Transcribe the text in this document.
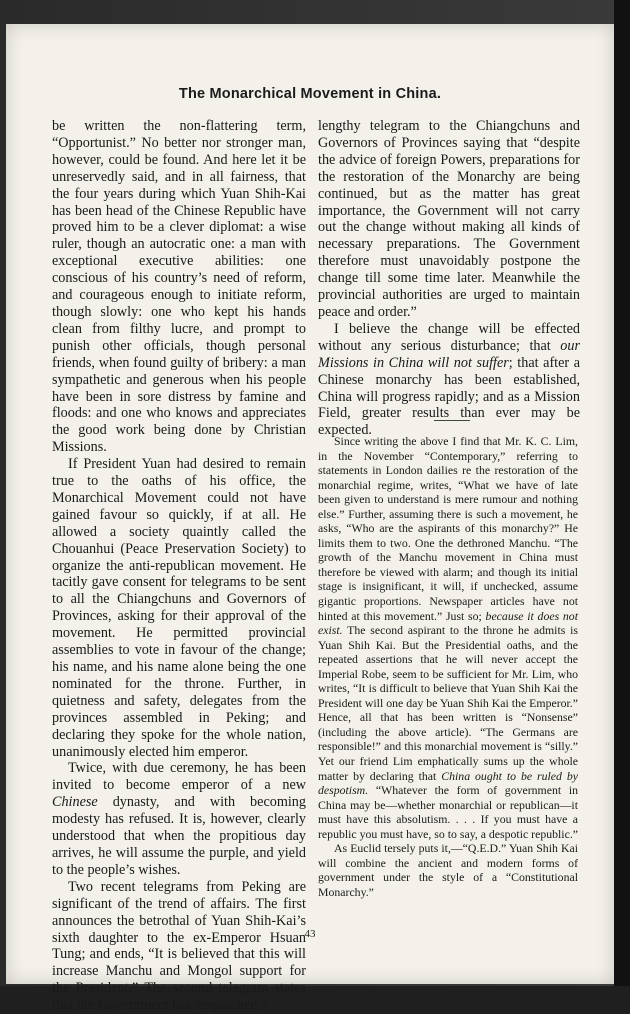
The Monarchical Movement in China.

be written the non-flattering term, “Opportunist.” No better nor stronger man, however, could be found. And here let it be unreservedly said, and in all fairness, that the four years during which Yuan Shih-Kai has been head of the Chinese Republic have proved him to be a clever diplomat: a wise ruler, though an autocratic one: a man with exceptional executive abilities: one conscious of his country’s need of reform, and courageous enough to initiate reform, though slowly: one who kept his hands clean from filthy lucre, and prompt to punish other officials, though personal friends, when found guilty of bribery: a man sympathetic and generous when his people have been in sore distress by famine and floods: and one who knows and appreciates the good work being done by Christian Missions.

If President Yuan had desired to remain true to the oaths of his office, the Monarchical Movement could not have gained favour so quickly, if at all. He allowed a society quaintly called the Chouanhui (Peace Preservation Society) to organize the anti-republican movement. He tacitly gave consent for telegrams to be sent to all the Chiangchuns and Governors of Provinces, asking for their approval of the movement. He permitted provincial assemblies to vote in favour of the change; his name, and his name alone being the one nominated for the throne. Further, in quietness and safety, delegates from the provinces assembled in Peking; and declaring they spoke for the whole nation, unanimously elected him emperor.

Twice, with due ceremony, he has been invited to become emperor of a new Chinese dynasty, and with becoming modesty has refused. It is, however, clearly understood that when the propitious day arrives, he will assume the purple, and yield to the people’s wishes.

Two recent telegrams from Peking are significant of the trend of affairs. The first announces the betrothal of Yuan Shih-Kai’s sixth daughter to the ex-Emperor Hsuan Tung; and ends, “It is believed that this will increase Manchu and Mongol support for the President.” The second telegram states that the Government has despatched a

lengthy telegram to the Chiangchuns and Governors of Provinces saying that “despite the advice of foreign Powers, preparations for the restoration of the Monarchy are being continued, but as the matter has great importance, the Government will not carry out the change without making all kinds of necessary preparations. The Government therefore must unavoidably postpone the change till some time later. Meanwhile the provincial authorities are urged to maintain peace and order.”

I believe the change will be effected without any serious disturbance; that our Missions in China will not suffer; that after a Chinese monarchy has been established, China will progress rapidly; and as a Mission Field, greater results than ever may be expected.

Since writing the above I find that Mr. K. C. Lim, in the November “Contemporary,” referring to statements in London dailies re the restoration of the monarchial regime, writes, “What we have of late been given to understand is mere rumour and nothing else.” Further, assuming there is such a movement, he asks, “Who are the aspirants of this monarchy?” He limits them to two. One the dethroned Manchu. “The growth of the Manchu movement in China must therefore be viewed with alarm; and though its initial stage is insignificant, it will, if unchecked, assume gigantic proportions. Newspaper articles have not hinted at this movement.” Just so; because it does not exist. The second aspirant to the throne he admits is Yuan Shih Kai. But the Presidential oaths, and the repeated assertions that he will never accept the Imperial Robe, seem to be sufficient for Mr. Lim, who writes, “It is difficult to believe that Yuan Shih Kai the President will one day be Yuan Shih Kai the Emperor.” Hence, all that has been written is “Nonsense” (including the above article). “The Germans are responsible!” and this monarchial movement is “silly.” Yet our friend Lim emphatically sums up the whole matter by declaring that China ought to be ruled by despotism. “Whatever the form of government in China may be—whether monarchial or republican—it must have this absolutism. . . . If you must have a republic you must have, so to say, a despotic republic.”

As Euclid tersely puts it,—“Q.E.D.” Yuan Shih Kai will combine the ancient and modern forms of government under the style of a “Constitutional Monarchy.”

43
